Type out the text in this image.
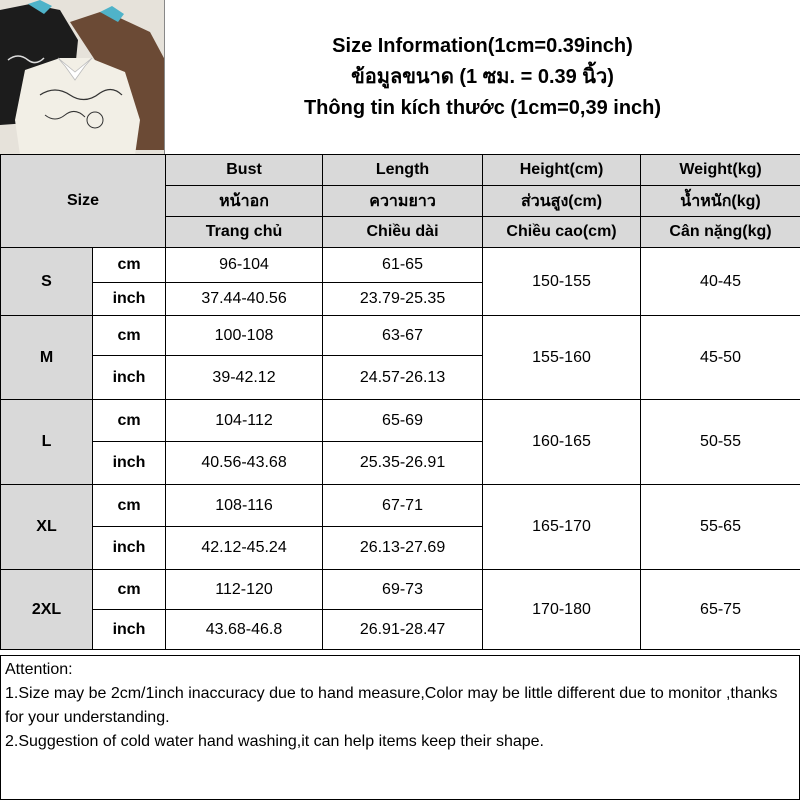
Size Information(1cm=0.39inch)
ข้อมูลขนาด (1 ซม. = 0.39 นิ้ว)
Thông tin kích thước (1cm=0,39 inch)
Size		Bust	Length	Height(cm)	Weight(kg)
		หน้าอก	ความยาว	ส่วนสูง(cm)	น้ำหนัก(kg)
		Trang chủ	Chiều dài	Chiều cao(cm)	Cân nặng(kg)
S	cm	96-104	61-65	150-155	40-45
	inch	37.44-40.56	23.79-25.35		
M	cm	100-108	63-67	155-160	45-50
	inch	39-42.12	24.57-26.13		
L	cm	104-112	65-69	160-165	50-55
	inch	40.56-43.68	25.35-26.91		
XL	cm	108-116	67-71	165-170	55-65
	inch	42.12-45.24	26.13-27.69		
2XL	cm	112-120	69-73	170-180	65-75
	inch	43.68-46.8	26.91-28.47		
Attention:
1.Size may be 2cm/1inch inaccuracy due to hand measure,Color may be little different due to monitor ,thanks for your understanding.
2.Suggestion of cold water hand washing,it can help items keep their shape.
